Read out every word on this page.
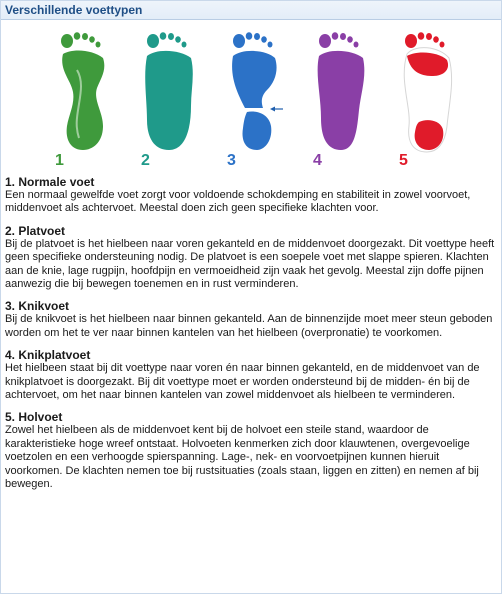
Verschillende voettypen
1	2	3	4	5

1. Normale voet

Een normaal gewelfde voet zorgt voor voldoende schokdemping en stabiliteit in zowel voorvoet, middenvoet als achtervoet. Meestal doen zich geen specifieke klachten voor.

2. Platvoet

Bij de platvoet is het hielbeen naar voren gekanteld en de middenvoet doorgezakt. Dit voettype heeft geen specifieke ondersteuning nodig. De platvoet is een soepele voet met slappe spieren. Klachten aan de knie, lage rugpijn, hoofdpijn en vermoeidheid zijn vaak het gevolg. Meestal zijn doffe pijnen aanwezig die bij bewegen toenemen en in rust verminderen.

3. Knikvoet

Bij de knikvoet is het hielbeen naar binnen gekanteld. Aan de binnenzijde moet meer steun geboden worden om het te ver naar binnen kantelen van het hielbeen (overpronatie) te voorkomen.

4. Knikplatvoet

Het hielbeen staat bij dit voettype naar voren én naar binnen gekanteld, en de middenvoet van de knikplatvoet is doorgezakt. Bij dit voettype moet er worden ondersteund bij de midden- én bij de achtervoet, om het naar binnen kantelen van zowel middenvoet als hielbeen te verminderen.

5. Holvoet

Zowel het hielbeen als de middenvoet kent bij de holvoet een steile stand, waardoor de karakteristieke hoge wreef ontstaat. Holvoeten kenmerken zich door klauwtenen, overgevoelige voetzolen en een verhoogde spierspanning. Lage-, nek- en voorvoetpijnen kunnen hieruit voorkomen. De klachten nemen toe bij rustsituaties (zoals staan, liggen en zitten) en nemen af bij bewegen.
